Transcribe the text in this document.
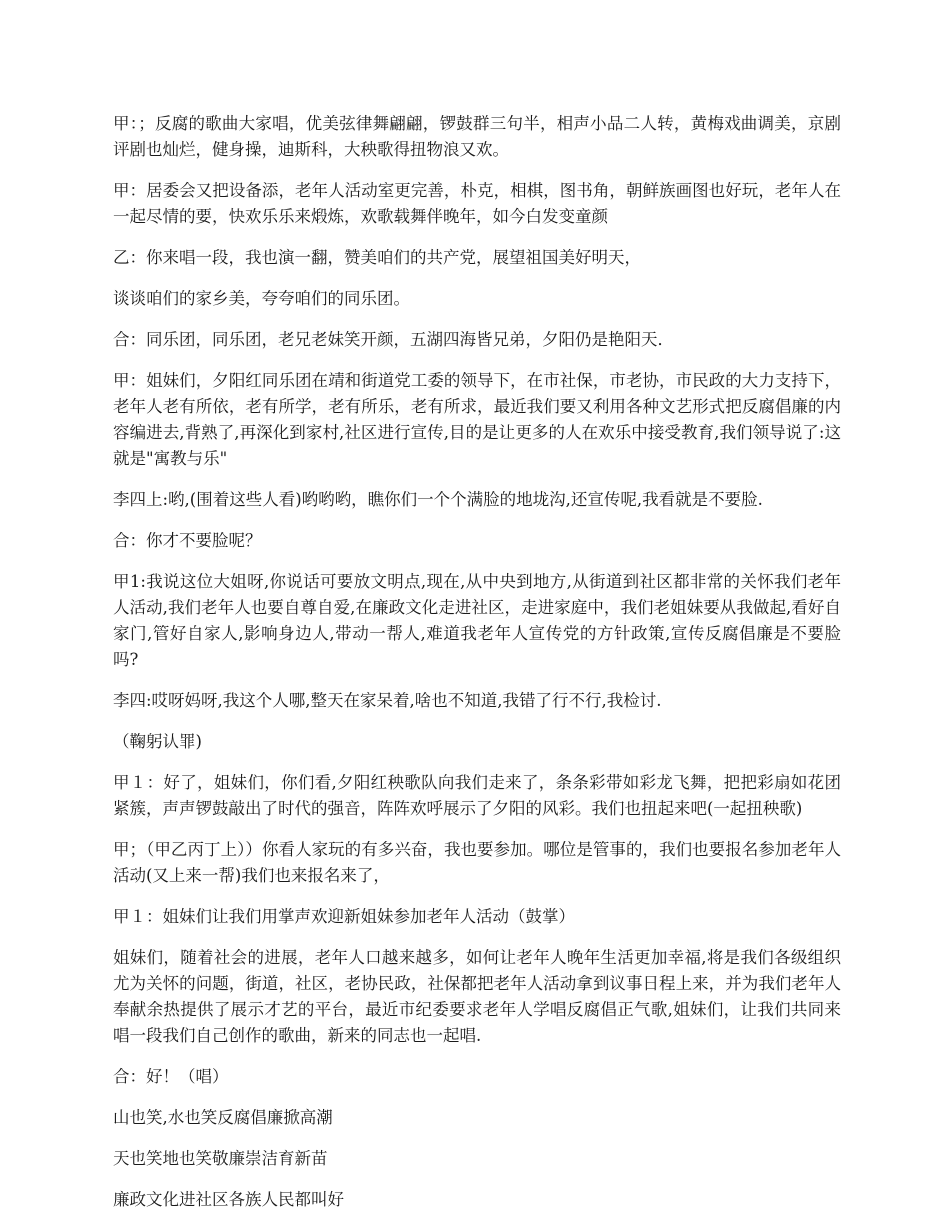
甲：；反腐的歌曲大家唱，优美弦律舞翩翩，锣鼓群三句半，相声小品二人转，黄梅戏曲调美，京剧评剧也灿烂，健身操，迪斯科，大秧歌得扭物浪又欢。

甲：居委会又把设备添，老年人活动室更完善，朴克，相棋，图书角，朝鲜族画图也好玩，老年人在一起尽情的要，快欢乐乐来煅炼，欢歌载舞伴晚年，如今白发变童颜

乙：你来唱一段，我也演一翻，赞美咱们的共产党，展望祖国美好明天，

谈谈咱们的家乡美，夸夸咱们的同乐团。

合：同乐团，同乐团，老兄老妹笑开颜，五湖四海皆兄弟，夕阳仍是艳阳天．

甲：姐妹们，夕阳红同乐团在靖和街道党工委的领导下，在市社保，市老协，市民政的大力支持下，老年人老有所依，老有所学，老有所乐，老有所求，最近我们要又利用各种文艺形式把反腐倡廉的内容编进去,背熟了,再深化到家村,社区进行宣传,目的是让更多的人在欢乐中接受教育,我们领导说了:这就是"寓教与乐"

李四上:哟,(围着这些人看)哟哟哟，瞧你们一个个满脸的地垅沟,还宣传呢,我看就是不要脸.

合：你才不要脸呢？

甲1:我说这位大姐呀,你说话可要放文明点,现在,从中央到地方,从街道到社区都非常的关怀我们老年人活动,我们老年人也要自尊自爱,在廉政文化走进社区，走进家庭中，我们老姐妹要从我做起,看好自家门,管好自家人,影响身边人,带动一帮人,难道我老年人宣传党的方针政策,宣传反腐倡廉是不要脸吗?

李四:哎呀妈呀,我这个人哪,整天在家呆着,啥也不知道,我错了行不行,我检讨.

（鞠躬认罪)

甲１：好了，姐妹们，你们看,夕阳红秧歌队向我们走来了，条条彩带如彩龙飞舞，把把彩扇如花团紧簇，声声锣鼓敲出了时代的强音，阵阵欢呼展示了夕阳的风彩。我们也扭起来吧(一起扭秧歌)

甲；（甲乙丙丁上））你看人家玩的有多兴奋，我也要参加。哪位是管事的，我们也要报名参加老年人活动(又上来一帮)我们也来报名来了，

甲１：姐妹们让我们用掌声欢迎新姐妹参加老年人活动（鼓掌）

姐妹们，随着社会的进展，老年人口越来越多，如何让老年人晚年生活更加幸福,将是我们各级组织尤为关怀的问题，街道，社区，老协民政，社保都把老年人活动拿到议事日程上来，并为我们老年人奉献余热提供了展示才艺的平台，最近市纪委要求老年人学唱反腐倡正气歌,姐妹们，让我们共同来唱一段我们自己创作的歌曲，新来的同志也一起唱.

合：好！（唱）

山也笑,水也笑反腐倡廉掀高潮

天也笑地也笑敬廉崇洁育新苗

廉政文化进社区各族人民都叫好
